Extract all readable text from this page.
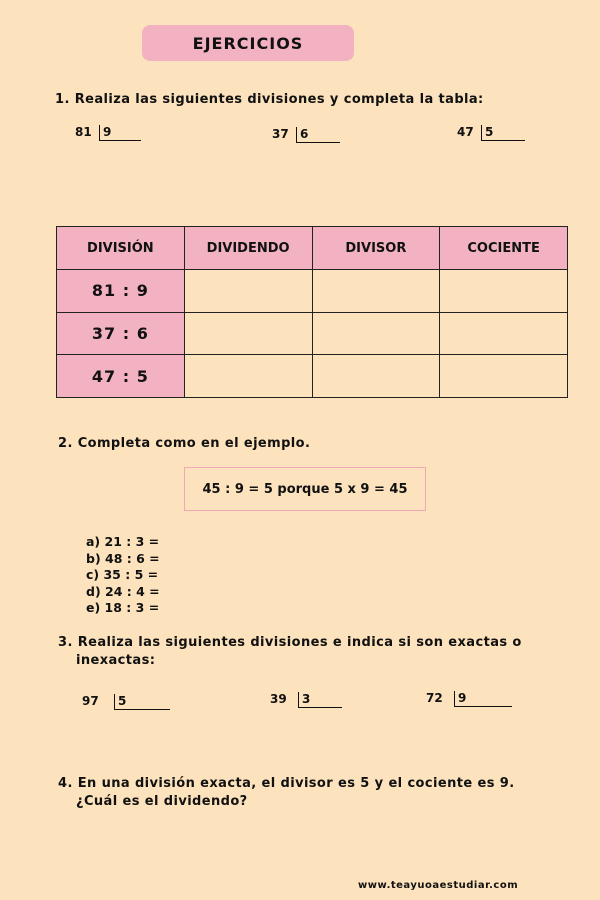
EJERCICIOS
1. Realiza las siguientes divisiones y completa la tabla:
81 9	37 6	47 5
DIVISIÓN	DIVIDENDO	DIVISOR	COCIENTE
81 : 9			
37 : 6			
47 : 5			
2. Completa como en el ejemplo.
45 : 9 = 5 porque 5 x 9 = 45
a) 21 : 3 =
b) 48 : 6 =
c) 35 : 5 =
d) 24 : 4 =
e) 18 : 3 =
3. Realiza las siguientes divisiones e indica si son exactas o
inexactas:
97	5	39	3	72	9
4. En una división exacta, el divisor es 5 y el cociente es 9.
¿Cuál es el dividendo?
www.teayuoaestudiar.com
